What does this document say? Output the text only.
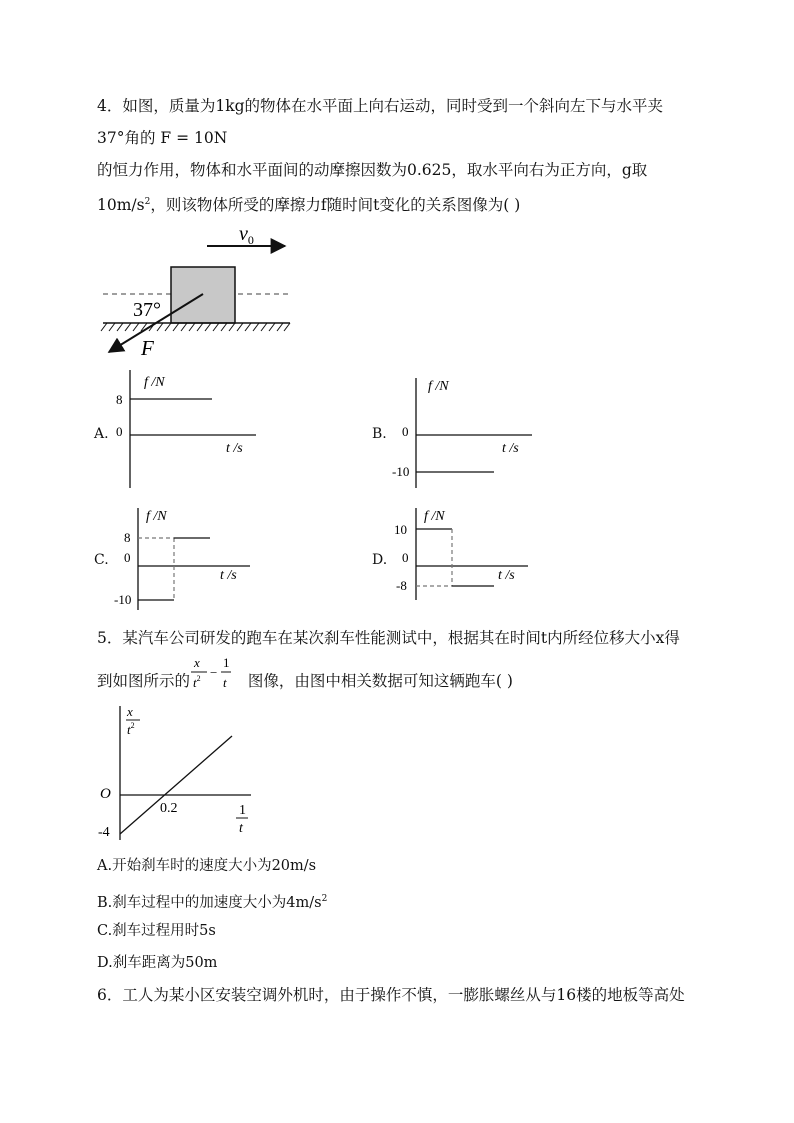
4．如图，质量为1kg的物体在水平面上向右运动，同时受到一个斜向左下与水平夹
37°角的 F = 10N
的恒力作用，物体和水平面间的动摩擦因数为0.625，取水平向右为正方向，g取
$10m/s^2$，则该物体所受的摩擦力f随时间t变化的关系图像为( )
$v_0$
37°
F
A.
f /N
t /s
0
8
B.
f /N
t /s
0
-10
C.
f /N
t /s
0
8
-10
D.
f /N
t /s
0
10
-8
5．某汽车公司研发的跑车在某次刹车性能测试中，根据其在时间t内所经位移大小x得
到如图所示的	图像，由图中相关数据可知这辆跑车( )
x
$t^2$ −
1
t
x
$t^2$
O
-4
0.2	1
t
A.开始刹车时的速度大小为20m/s
B.刹车过程中的加速度大小为$4m/s^2$
C.刹车过程用时5s
D.刹车距离为50m
6．工人为某小区安装空调外机时，由于操作不慎，一膨胀螺丝从与16楼的地板等高处
